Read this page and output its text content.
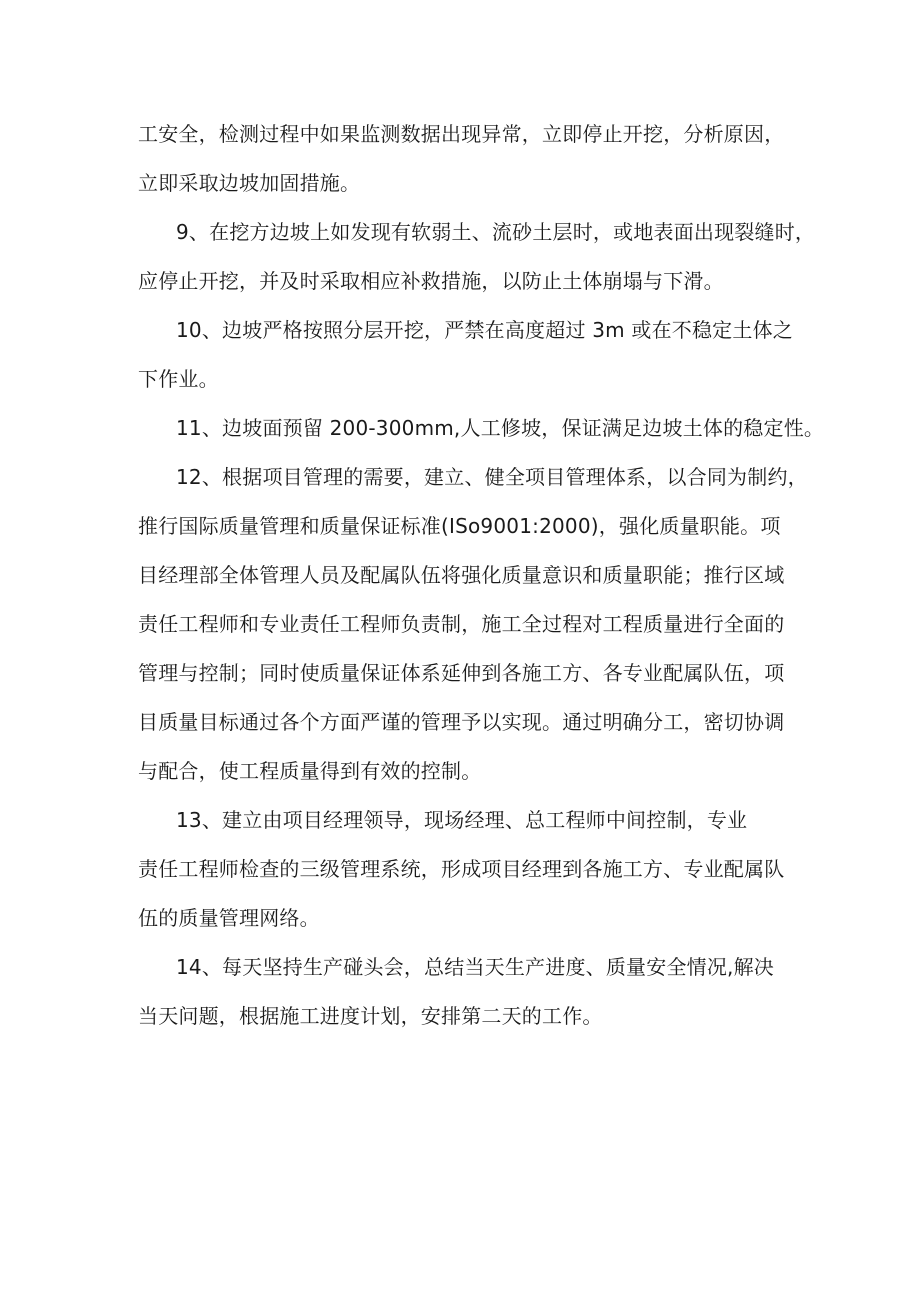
工安全，检测过程中如果监测数据出现异常，立即停止开挖，分析原因，
立即采取边坡加固措施。
9、在挖方边坡上如发现有软弱土、流砂土层时，或地表面出现裂缝时，
应停止开挖，并及时采取相应补救措施，以防止土体崩塌与下滑。
10、边坡严格按照分层开挖，严禁在高度超过 3m 或在不稳定土体之
下作业。
11、边坡面预留 200-300mm,人工修坡，保证满足边坡土体的稳定性。
12、根据项目管理的需要，建立、健全项目管理体系，以合同为制约，
推行国际质量管理和质量保证标准(ISo9001:2000)，强化质量职能。项
目经理部全体管理人员及配属队伍将强化质量意识和质量职能；推行区域
责任工程师和专业责任工程师负责制，施工全过程对工程质量进行全面的
管理与控制；同时使质量保证体系延伸到各施工方、各专业配属队伍，项
目质量目标通过各个方面严谨的管理予以实现。通过明确分工，密切协调
与配合，使工程质量得到有效的控制。
13、建立由项目经理领导，现场经理、总工程师中间控制，专业
责任工程师检查的三级管理系统，形成项目经理到各施工方、专业配属队
伍的质量管理网络。
14、每天坚持生产碰头会，总结当天生产进度、质量安全情况,解决
当天问题，根据施工进度计划，安排第二天的工作。
